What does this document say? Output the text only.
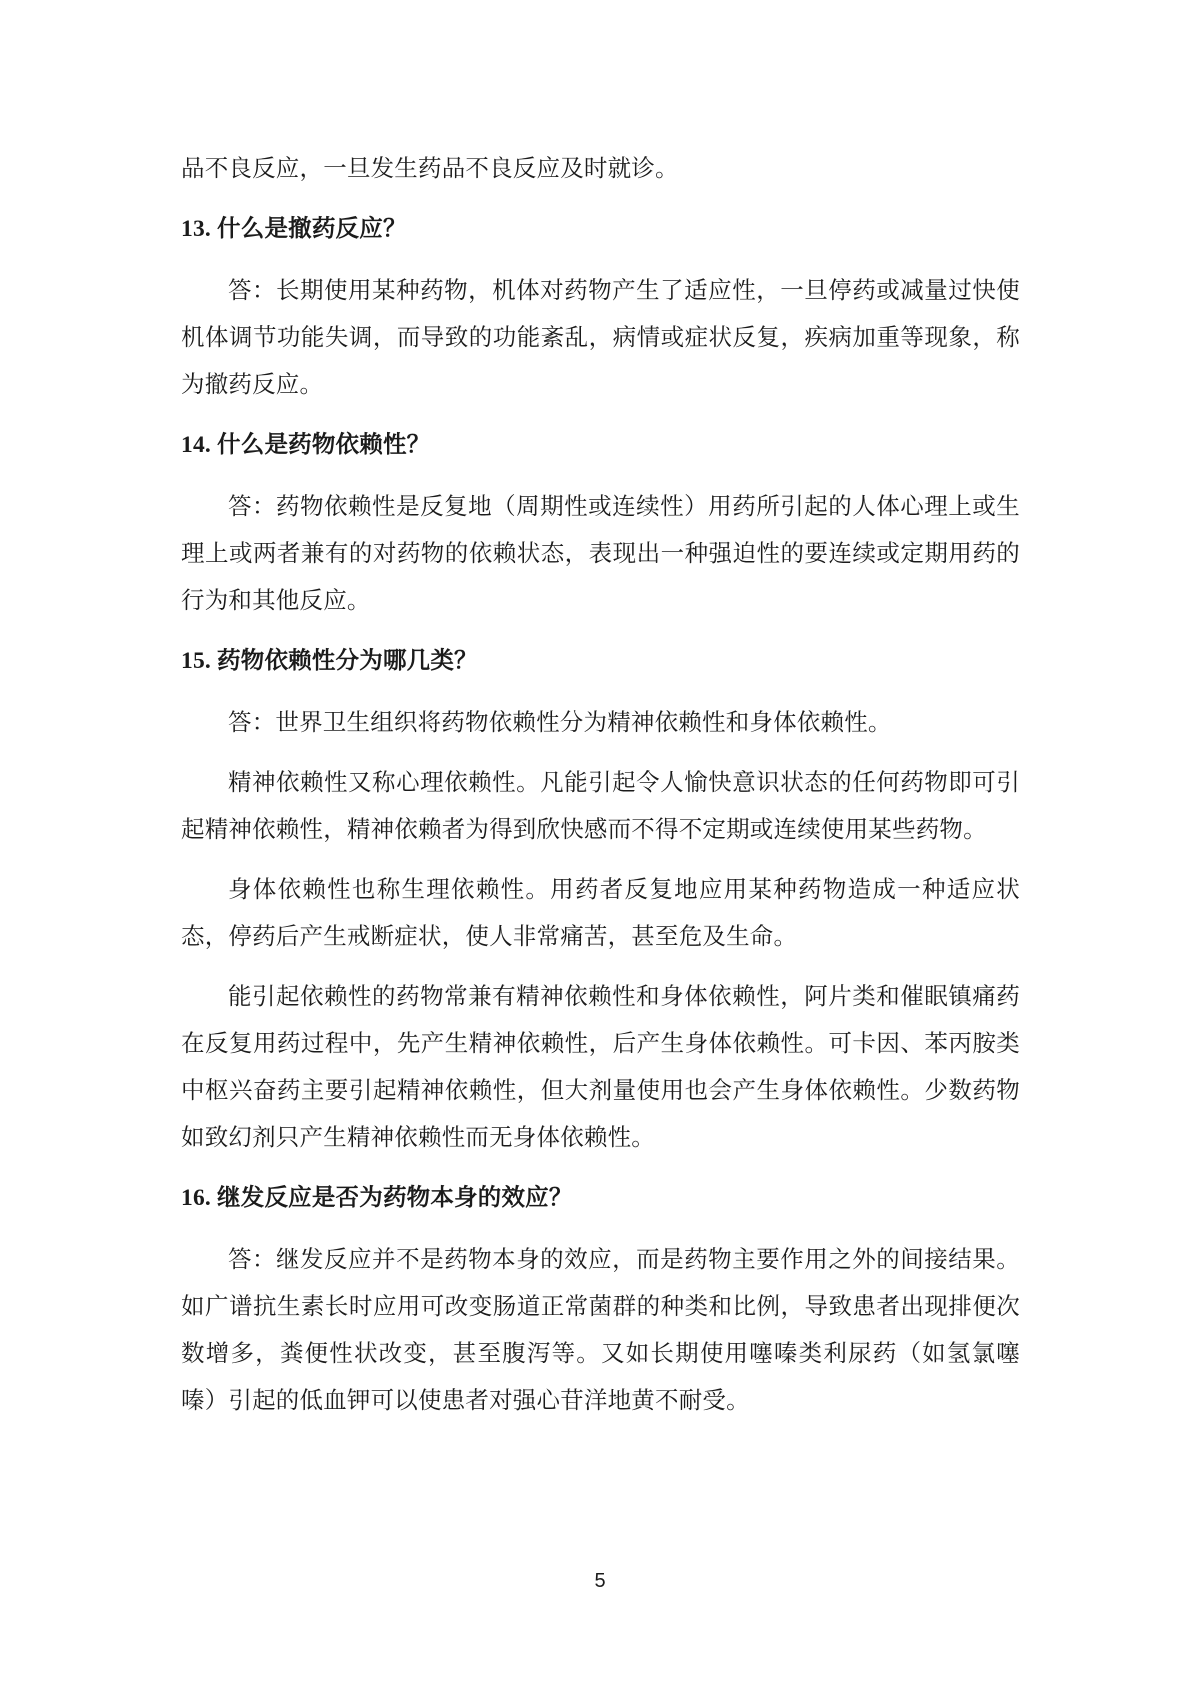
品不良反应，一旦发生药品不良反应及时就诊。

13. 什么是撤药反应？

答：长期使用某种药物，机体对药物产生了适应性，一旦停药或减量过快使机体调节功能失调，而导致的功能紊乱，病情或症状反复，疾病加重等现象，称为撤药反应。

14. 什么是药物依赖性？

答：药物依赖性是反复地（周期性或连续性）用药所引起的人体心理上或生理上或两者兼有的对药物的依赖状态，表现出一种强迫性的要连续或定期用药的行为和其他反应。

15. 药物依赖性分为哪几类？

答：世界卫生组织将药物依赖性分为精神依赖性和身体依赖性。

精神依赖性又称心理依赖性。凡能引起令人愉快意识状态的任何药物即可引起精神依赖性，精神依赖者为得到欣快感而不得不定期或连续使用某些药物。

身体依赖性也称生理依赖性。用药者反复地应用某种药物造成一种适应状态，停药后产生戒断症状，使人非常痛苦，甚至危及生命。

能引起依赖性的药物常兼有精神依赖性和身体依赖性，阿片类和催眠镇痛药在反复用药过程中，先产生精神依赖性，后产生身体依赖性。可卡因、苯丙胺类中枢兴奋药主要引起精神依赖性，但大剂量使用也会产生身体依赖性。少数药物如致幻剂只产生精神依赖性而无身体依赖性。

16. 继发反应是否为药物本身的效应？

答：继发反应并不是药物本身的效应，而是药物主要作用之外的间接结果。如广谱抗生素长时应用可改变肠道正常菌群的种类和比例，导致患者出现排便次数增多，粪便性状改变，甚至腹泻等。又如长期使用噻嗪类利尿药（如氢氯噻嗪）引起的低血钾可以使患者对强心苷洋地黄不耐受。

5
